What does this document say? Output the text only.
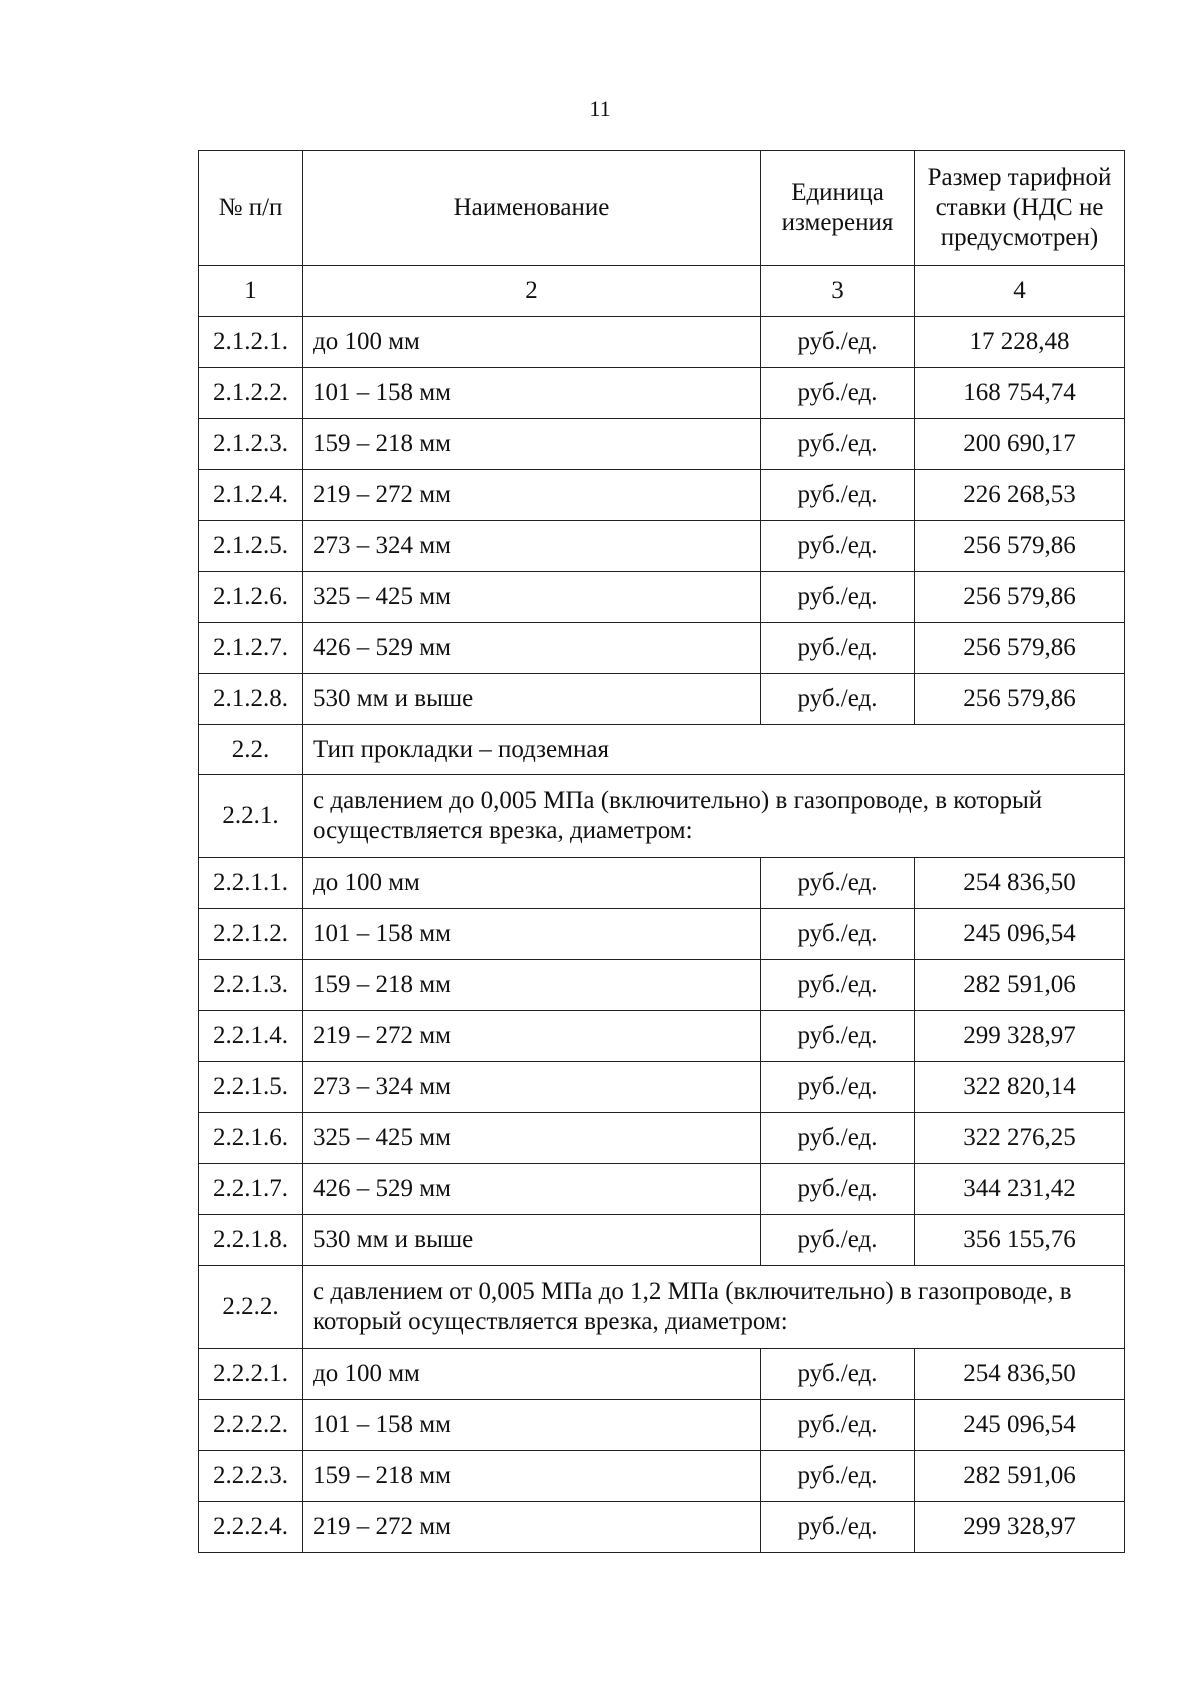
11
№ п/п	Наименование	Единица измерения	Размер тарифной ставки (НДС не предусмотрен)
1	2	3	4
2.1.2.1.	до 100 мм	руб./ед.	17 228,48
2.1.2.2.	101 – 158 мм	руб./ед.	168 754,74
2.1.2.3.	159 – 218 мм	руб./ед.	200 690,17
2.1.2.4.	219 – 272 мм	руб./ед.	226 268,53
2.1.2.5.	273 – 324 мм	руб./ед.	256 579,86
2.1.2.6.	325 – 425 мм	руб./ед.	256 579,86
2.1.2.7.	426 – 529 мм	руб./ед.	256 579,86
2.1.2.8.	530 мм и выше	руб./ед.	256 579,86
2.2.	Тип прокладки – подземная		
2.2.1.	с давлением до 0,005 МПа (включительно) в газопроводе, в который осуществляется врезка, диаметром:		
2.2.1.1.	до 100 мм	руб./ед.	254 836,50
2.2.1.2.	101 – 158 мм	руб./ед.	245 096,54
2.2.1.3.	159 – 218 мм	руб./ед.	282 591,06
2.2.1.4.	219 – 272 мм	руб./ед.	299 328,97
2.2.1.5.	273 – 324 мм	руб./ед.	322 820,14
2.2.1.6.	325 – 425 мм	руб./ед.	322 276,25
2.2.1.7.	426 – 529 мм	руб./ед.	344 231,42
2.2.1.8.	530 мм и выше	руб./ед.	356 155,76
2.2.2.	с давлением от 0,005 МПа до 1,2 МПа (включительно) в газопроводе, в который осуществляется врезка, диаметром:		
2.2.2.1.	до 100 мм	руб./ед.	254 836,50
2.2.2.2.	101 – 158 мм	руб./ед.	245 096,54
2.2.2.3.	159 – 218 мм	руб./ед.	282 591,06
2.2.2.4.	219 – 272 мм	руб./ед.	299 328,97
